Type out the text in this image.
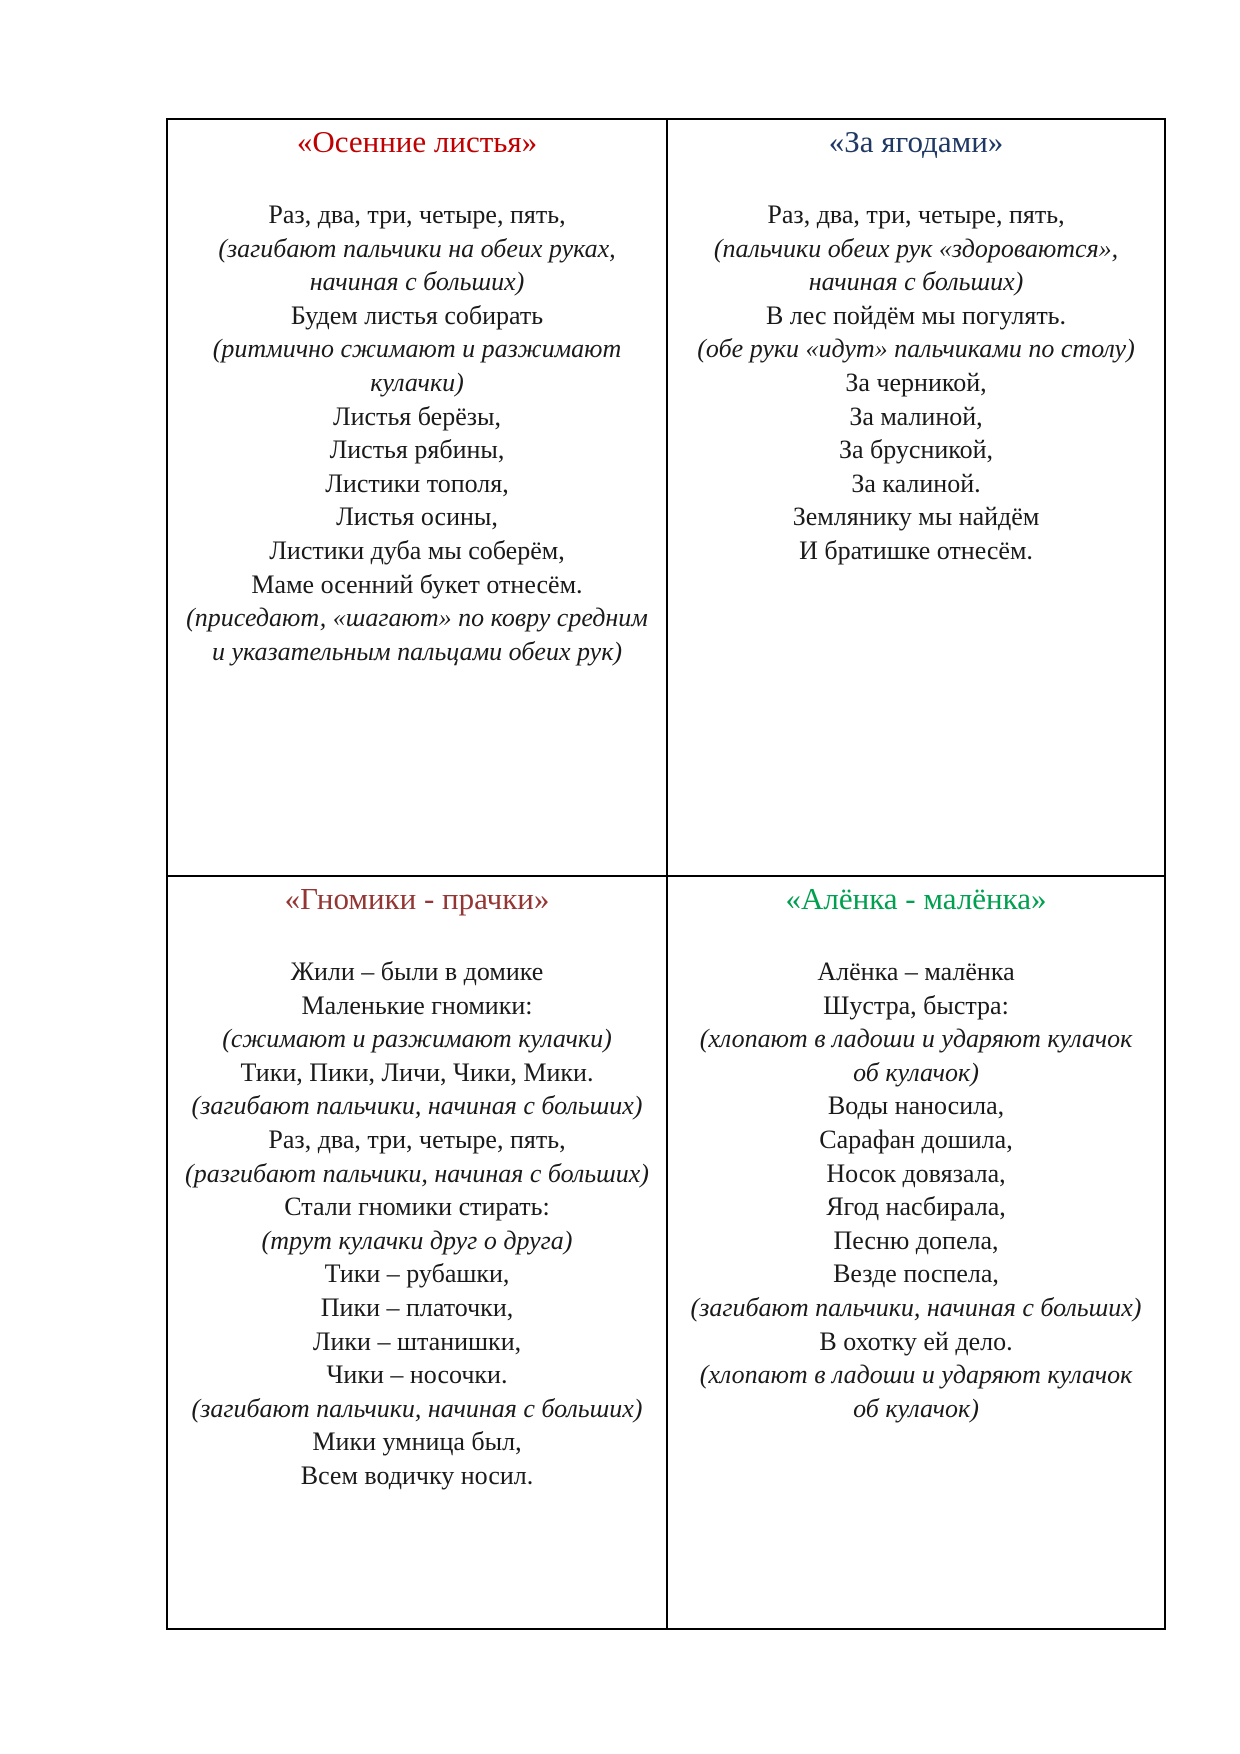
«Осенние листья»

Раз, два, три, четыре, пять,

(загибают пальчики на обеих руках, начиная с больших)

Будем листья собирать

(ритмично сжимают и разжимают кулачки)

Листья берёзы,

Листья рябины,

Листики тополя,

Листья осины,

Листики дуба мы соберём,

Маме осенний букет отнесём.

(приседают, «шагают» по ковру средним и указательным пальцами обеих рук)

«За ягодами»

Раз, два, три, четыре, пять,

(пальчики обеих рук «здороваются», начиная с больших)

В лес пойдём мы погулять.

(обе руки «идут» пальчиками по столу)

За черникой,

За малиной,

За брусникой,

За калиной.

Землянику мы найдём

И братишке отнесём.

«Гномики - прачки»

Жили – были в домике

Маленькие гномики:

(сжимают и разжимают кулачки)

Тики, Пики, Личи, Чики, Мики.

(загибают пальчики, начиная с больших)

Раз, два, три, четыре, пять,

(разгибают пальчики, начиная с больших)

Стали гномики стирать:

(трут кулачки друг о друга)

Тики – рубашки,

Пики – платочки,

Лики – штанишки,

Чики – носочки.

(загибают пальчики, начиная с больших)

Мики умница был,

Всем водичку носил.

«Алёнка - малёнка»

Алёнка – малёнка

Шустра, быстра:

(хлопают в ладоши и ударяют кулачок об кулачок)

Воды наносила,

Сарафан дошила,

Носок довязала,

Ягод насбирала,

Песню допела,

Везде поспела,

(загибают пальчики, начиная с больших)

В охотку ей дело.

(хлопают в ладоши и ударяют кулачок об кулачок)
